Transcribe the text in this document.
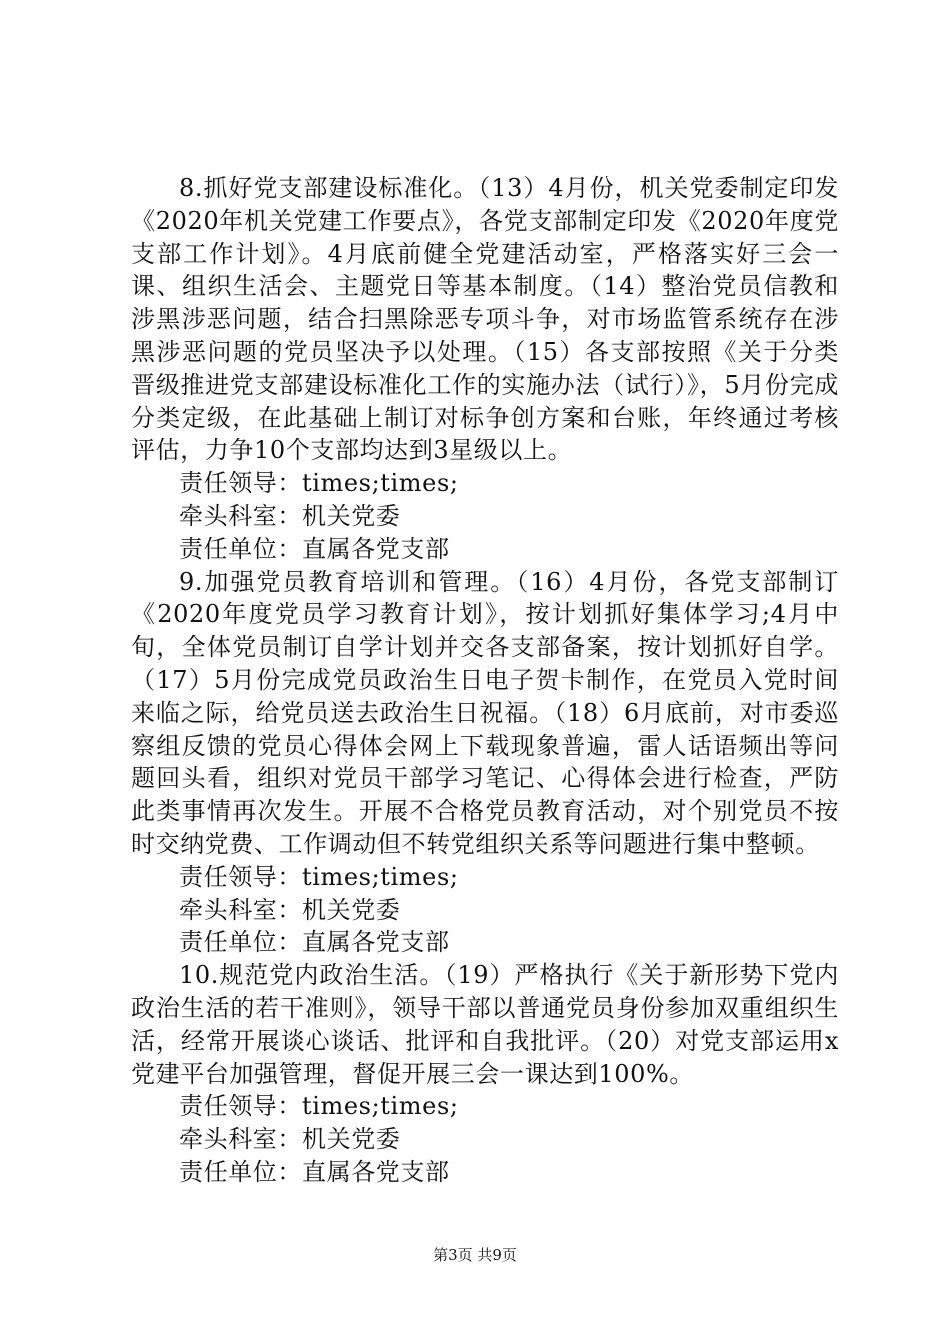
8.抓好党支部建设标准化。（13）4月份，机关党委制定印发《2020年机关党建工作要点》，各党支部制定印发《2020年度党支部工作计划》。4月底前健全党建活动室，严格落实好三会一课、组织生活会、主题党日等基本制度。（14）整治党员信教和涉黑涉恶问题，结合扫黑除恶专项斗争，对市场监管系统存在涉黑涉恶问题的党员坚决予以处理。（15）各支部按照《关于分类晋级推进党支部建设标准化工作的实施办法（试行）》，5月份完成分类定级，在此基础上制订对标争创方案和台账，年终通过考核评估，力争10个支部均达到3星级以上。

责任领导：times;times;

牵头科室：机关党委

责任单位：直属各党支部

9.加强党员教育培训和管理。（16）4月份，各党支部制订《2020年度党员学习教育计划》，按计划抓好集体学习;4月中旬，全体党员制订自学计划并交各支部备案，按计划抓好自学。（17）5月份完成党员政治生日电子贺卡制作，在党员入党时间来临之际，给党员送去政治生日祝福。（18）6月底前，对市委巡察组反馈的党员心得体会网上下载现象普遍，雷人话语频出等问题回头看，组织对党员干部学习笔记、心得体会进行检查，严防此类事情再次发生。开展不合格党员教育活动，对个别党员不按时交纳党费、工作调动但不转党组织关系等问题进行集中整顿。

责任领导：times;times;

牵头科室：机关党委

责任单位：直属各党支部

10.规范党内政治生活。（19）严格执行《关于新形势下党内政治生活的若干准则》，领导干部以普通党员身份参加双重组织生活，经常开展谈心谈话、批评和自我批评。（20）对党支部运用x党建平台加强管理，督促开展三会一课达到100%。

责任领导：times;times;

牵头科室：机关党委

责任单位：直属各党支部

第3页 共9页
